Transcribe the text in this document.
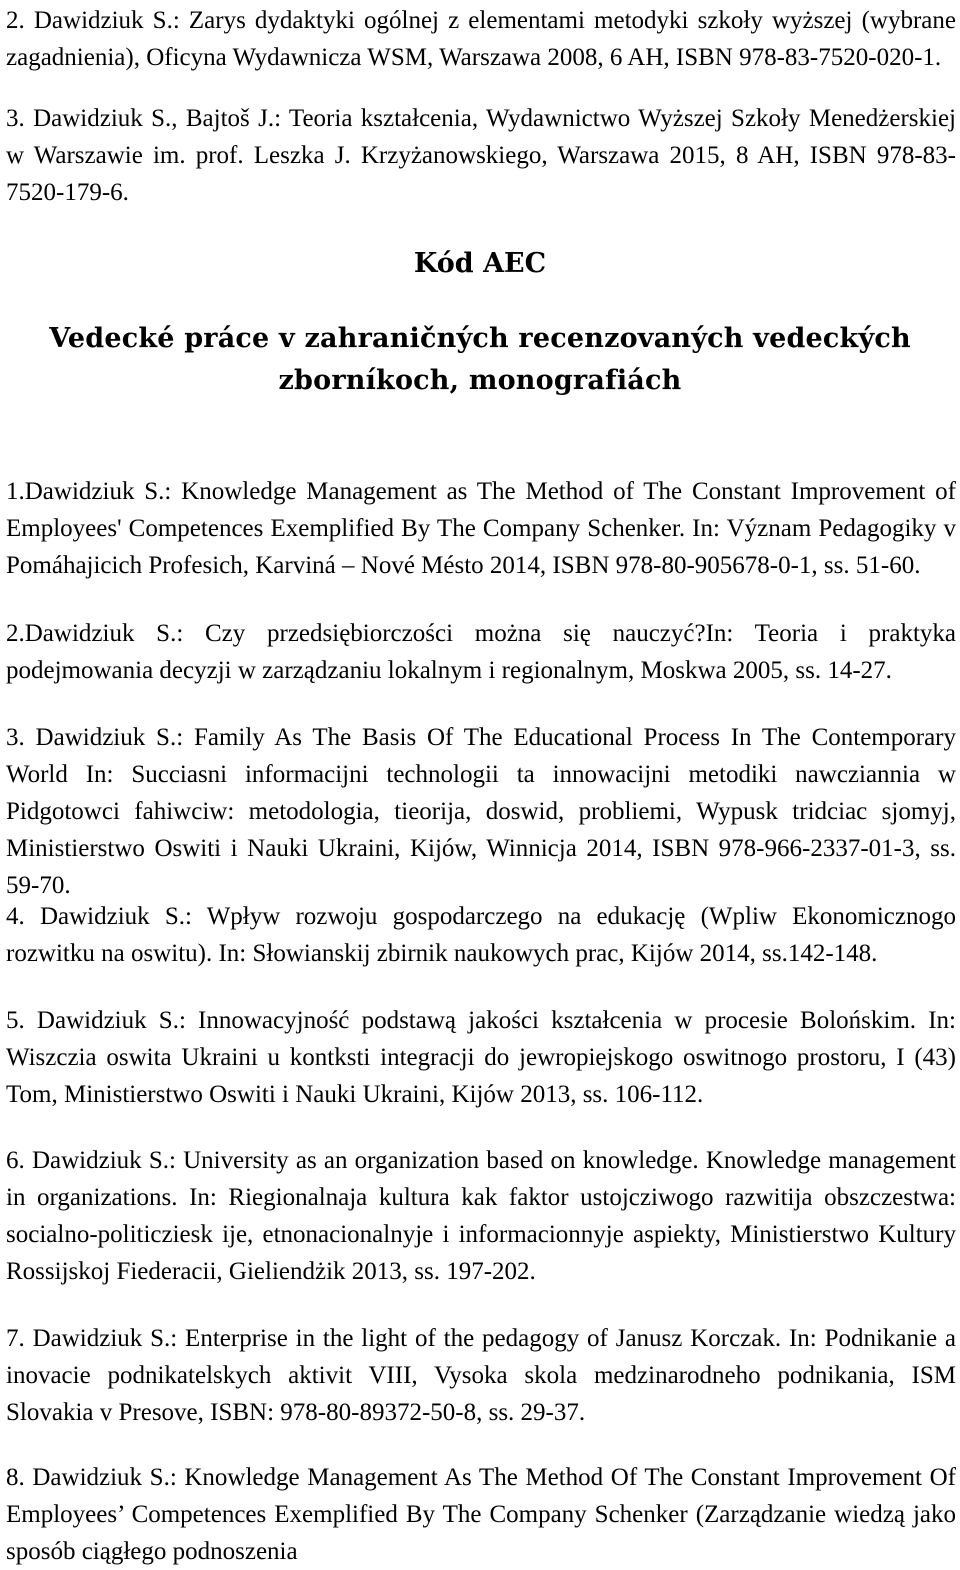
2. Dawidziuk S.: Zarys dydaktyki ogólnej z elementami metodyki szkoły wyższej (wybrane zagadnienia), Oficyna Wydawnicza WSM, Warszawa 2008, 6 AH, ISBN 978-83-7520-020-1.

3. Dawidziuk S., Bajtoš J.: Teoria kształcenia, Wydawnictwo Wyższej Szkoły Menedżerskiej w Warszawie im. prof. Leszka J. Krzyżanowskiego, Warszawa 2015, 8 AH, ISBN 978-83-7520-179-6.

Kód AEC
Vedecké práce v zahraničných recenzovaných vedeckých zborníkoch, monografiách

1.Dawidziuk S.: Knowledge Management as The Method of The Constant Improvement of Employees' Competences Exemplified By The Company Schenker. In: Význam Pedagogiky v Pomáhajicich Profesich, Karviná – Nové Mésto 2014, ISBN 978-80-905678-0-1, ss. 51-60.

2.Dawidziuk S.: Czy przedsiębiorczości można się nauczyć?In: Teoria i praktyka podejmowania decyzji w zarządzaniu lokalnym i regionalnym, Moskwa 2005, ss. 14-27.

3. Dawidziuk S.: Family As The Basis Of The Educational Process In The Contemporary World In: Succiasni informacijni technologii ta innowacijni metodiki nawcziannia w Pidgotowci fahiwciw: metodologia, tieorija, doswid, probliemi, Wypusk tridciac sjomyj, Ministierstwo Oswiti i Nauki Ukraini, Kijów, Winnicja 2014, ISBN 978-966-2337-01-3, ss. 59-70.

4. Dawidziuk S.: Wpływ rozwoju gospodarczego na edukację (Wpliw Ekonomicznogo rozwitku na oswitu). In: Słowianskij zbirnik naukowych prac, Kijów 2014, ss.142-148.

5. Dawidziuk S.: Innowacyjność podstawą jakości kształcenia w procesie Bolońskim. In: Wiszczia oswita Ukraini u kontksti integracji do jewropiejskogo oswitnogo prostoru, I (43) Tom, Ministierstwo Oswiti i Nauki Ukraini, Kijów 2013, ss. 106-112.

6. Dawidziuk S.: University as an organization based on knowledge. Knowledge management in organizations. In: Riegionalnaja kultura kak faktor ustojcziwogo razwitija obszczestwa: socialno-politicziesk ije, etnonacionalnyje i informacionnyje aspiekty, Ministierstwo Kultury Rossijskoj Fiederacii, Gieliendżik 2013, ss. 197-202.

7. Dawidziuk S.: Enterprise in the light of the pedagogy of Janusz Korczak. In: Podnikanie a inovacie podnikatelskych aktivit VIII, Vysoka skola medzinarodneho podnikania, ISM Slovakia v Presove, ISBN: 978-80-89372-50-8, ss. 29-37.

8. Dawidziuk S.: Knowledge Management As The Method Of The Constant Improvement Of Employees’ Competences Exemplified By The Company Schenker (Zarządzanie wiedzą jako sposób ciągłego podnoszenia
